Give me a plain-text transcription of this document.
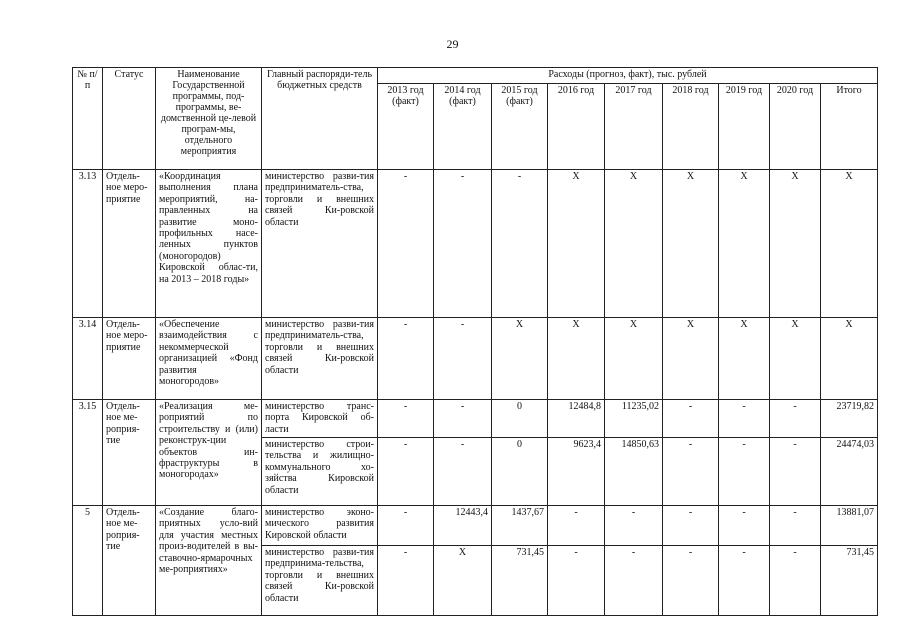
29
№ п/п	Статус	Наименование Государственной программы, под-программы, ве-домственной це-левой програм-мы, отдельного мероприятия	Главный распоряди-тель бюджетных средств	Расходы (прогноз, факт), тыс. рублей								
				2013 год (факт)	2014 год (факт)	2015 год (факт)	2016 год	2017 год	2018 год	2019 год	2020 год	Итого
3.13	Отдель-ное меро-приятие	«Координация выполнения плана мероприятий, на-правленных на развитие моно-профильных насе-ленных пунктов (моногородов) Кировской облас-ти, на 2013 – 2018 годы»	министерство разви-тия предприниматель-ства, торговли и внешних связей Ки-ровской области	-	-	-	X	X	X	X	X	X
3.14	Отдель-ное меро-приятие	«Обеспечение взаимодействия с некоммерческой организацией «Фонд развития моногородов»	министерство разви-тия предприниматель-ства, торговли и внешних связей Ки-ровской области	-	-	X	X	X	X	X	X	X
3.15	Отдель-ное ме-роприя-тие	«Реализация ме-роприятий по строительству и (или) реконструк-ции объектов ин-фраструктуры в моногородах»	министерство транс-порта Кировской об-ласти	-	-	0	12484,8	11235,02	-	-	-	23719,82
			министерство строи-тельства и жилищно-коммунального хо-зяйства Кировской области	-	-	0	9623,4	14850,63	-	-	-	24474,03
5	Отдель-ное ме-роприя-тие	«Создание благо-приятных усло-вий для участия местных произ-водителей в вы-ставочно-ярмарочных ме-роприятиях»	министерство эконо-мического развития Кировской области	-	12443,4	1437,67	-	-	-	-	-	13881,07
			министерство разви-тия предпринима-тельства, торговли и внешних связей Ки-ровской области	-	X	731,45	-	-	-	-	-	731,45
